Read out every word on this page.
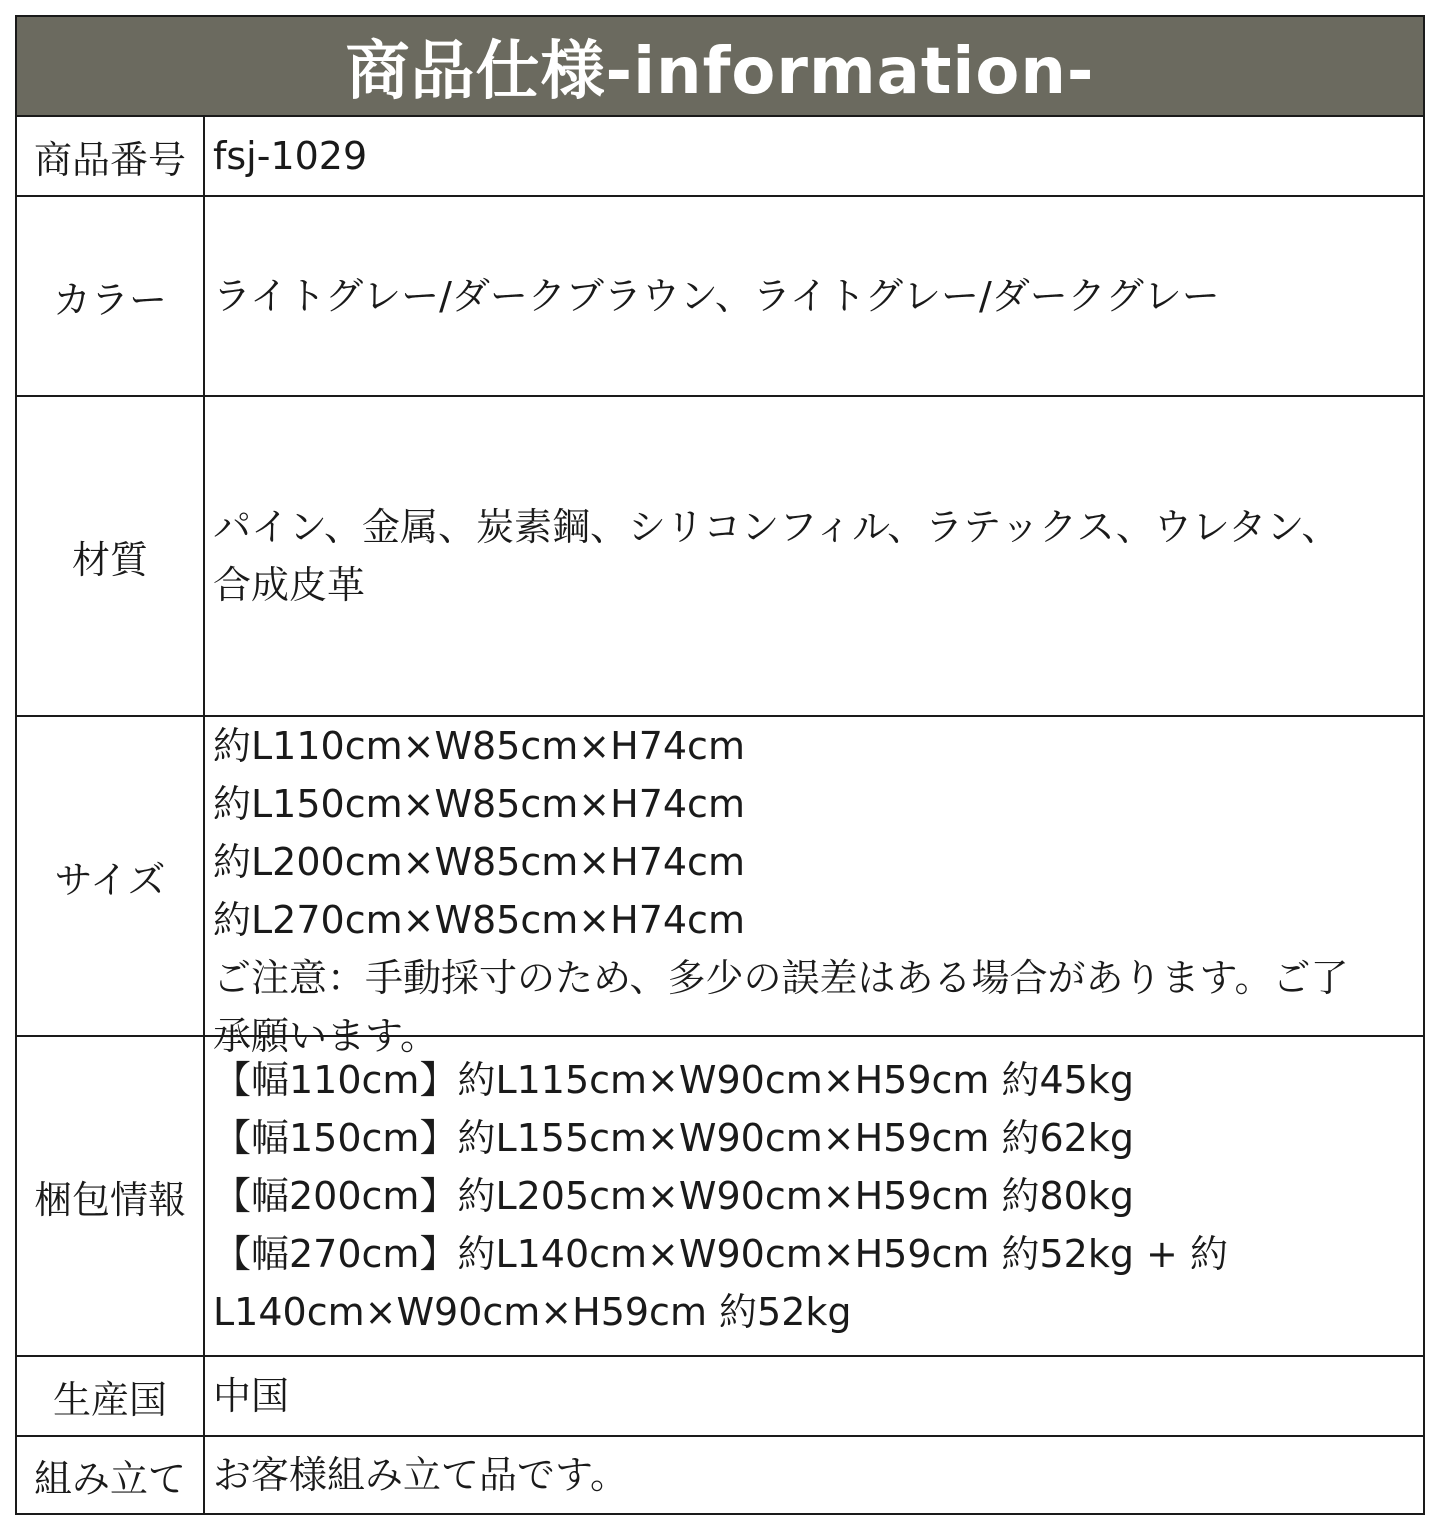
商品仕様-information-
商品番号 fsj-1029
カラー	ライトグレー/ダークブラウン、ライトグレー/ダークグレー
材質
パイン、金属、炭素鋼、シリコンフィル、ラテックス、ウレタン、
合成皮革
サイズ
約L110cm×W85cm×H74cm
約L150cm×W85cm×H74cm
約L200cm×W85cm×H74cm
約L270cm×W85cm×H74cm
ご注意：手動採寸のため、多少の誤差はある場合があります。ご了
承願います。
梱包情報
【幅110cm】約L115cm×W90cm×H59cm 約45kg
【幅150cm】約L155cm×W90cm×H59cm 約62kg
【幅200cm】約L205cm×W90cm×H59cm 約80kg
【幅270cm】約L140cm×W90cm×H59cm 約52kg + 約
L140cm×W90cm×H59cm 約52kg
生産国	中国
組み立て お客様組み立て品です。
